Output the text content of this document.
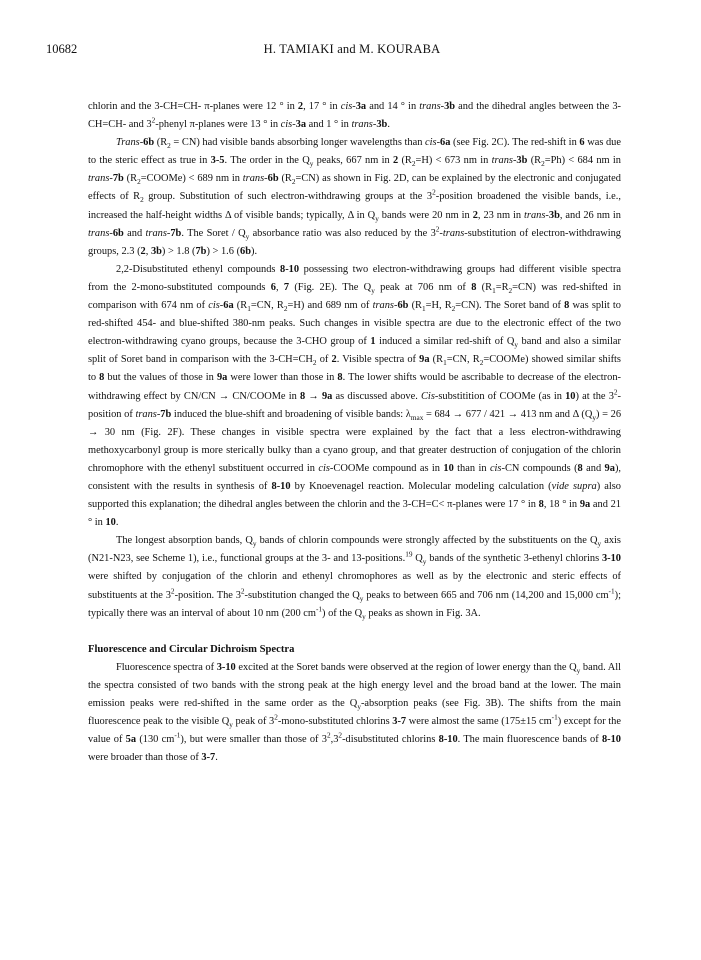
10682	H. TAMIAKI and M. KOURABA

chlorin and the 3-CH=CH- π-planes were 12 ° in 2, 17 ° in cis-3a and 14 ° in trans-3b and the dihedral angles between the 3-CH=CH- and $3^2$-phenyl π-planes were 13 ° in cis-3a and 1 ° in trans-3b.

Trans-6b $(R_2 = CN)$ had visible bands absorbing longer wavelengths than cis-6a (see Fig. 2C). The red-shift in 6 was due to the steric effect as true in 3-5. The order in the $Q_y$ peaks, 667 nm in 2 $(R_2=H) < 673$ nm in trans-3b $(R_2=Ph) < 684$ nm in trans-7b $(R_2=COOMe) < 689$ nm in trans-6b $(R_2=CN)$ as shown in Fig. 2D, can be explained by the electronic and conjugated effects of $R_2$ group. Substitution of such electron-withdrawing groups at the $3^2$-position broadened the visible bands, i.e., increased the half-height widths Δ of visible bands; typically, Δ in $Q_y$ bands were 20 nm in 2, 23 nm in trans-3b, and 26 nm in trans-6b and trans-7b. The Soret / $Q_y$ absorbance ratio was also reduced by the $3^2-trans$-substitution of electron-withdrawing groups, 2.3 (2, 3b) > 1.8 (7b) > 1.6 (6b).

2,2-Disubstituted ethenyl compounds 8-10 possessing two electron-withdrawing groups had different visible spectra from the 2-mono-substituted compounds 6, 7 (Fig. 2E). The $Q_y$ peak at 706 nm of 8 $(R_1=R_2=CN)$ was red-shifted in comparison with 674 nm of cis-6a ($R_1=CN$, $R_2=H$) and 689 nm of trans-6b ($R_1=H$, $R_2=CN$). The Soret band of 8 was split to red-shifted 454- and blue-shifted 380-nm peaks. Such changes in visible spectra are due to the electronic effect of the two electron-withdrawing cyano groups, because the 3-CHO group of 1 induced a similar red-shift of $Q_y$ band and also a similar split of Soret band in comparison with the $3-CH=CH_2$ of 2. Visible spectra of 9a ($R_1=CN$, $R_2=COOMe$) showed similar shifts to 8 but the values of those in 9a were lower than those in 8. The lower shifts would be ascribable to decrease of the electron-withdrawing effect by CN/CN → CN/COOMe in 8 → 9a as discussed above. Cis-substitition of COOMe (as in 10) at the $3^2$-position of trans-7b induced the blue-shift and broadening of visible bands: $\lambda_{max} = 684 \to 677 / 421 \to 413$ nm and Δ $(Q_y) = 26 \to 30$ nm (Fig. 2F). These changes in visible spectra were explained by the fact that a less electron-withdrawing methoxycarbonyl group is more sterically bulky than a cyano group, and that greater destruction of conjugation of the chlorin chromophore with the ethenyl substituent occurred in cis-COOMe compound as in 10 than in cis-CN compounds (8 and 9a), consistent with the results in synthesis of 8-10 by Knoevenagel reaction. Molecular modeling calculation (vide supra) also supported this explanation; the dihedral angles between the chlorin and the 3-CH=C< π-planes were 17 ° in 8, 18 ° in 9a and 21 ° in 10.

The longest absorption bands, $Q_y$ bands of chlorin compounds were strongly affected by the substituents on the $Q_y$ axis (N21-N23, see Scheme 1), i.e., functional groups at the 3- and 13-positions.$^{19}$ $Q_y$ bands of the synthetic 3-ethenyl chlorins 3-10 were shifted by conjugation of the chlorin and ethenyl chromophores as well as by the electronic and steric effects of substituents at the $3^2$-position. The $3^2$-substitution changed the $Q_y$ peaks to between 665 and 706 nm (14,200 and 15,000 $cm^{-1}$); typically there was an interval of about 10 nm (200 $cm^{-1}$) of the $Q_y$ peaks as shown in Fig. 3A.

Fluorescence and Circular Dichroism Spectra

Fluorescence spectra of 3-10 excited at the Soret bands were observed at the region of lower energy than the $Q_y$ band. All the spectra consisted of two bands with the strong peak at the high energy level and the broad band at the lower. The main emission peaks were red-shifted in the same order as the $Q_y$-absorption peaks (see Fig. 3B). The shifts from the main fluorescence peak to the visible $Q_y$ peak of $3^2-mono$-substituted chlorins 3-7 were almost the same (175±15 $cm^{-1}$) except for the value of 5a (130 $cm^{-1}$), but were smaller than those of $3^2,3^2$-disubstituted chlorins 8-10. The main fluorescence bands of 8-10 were broader than those of 3-7.
